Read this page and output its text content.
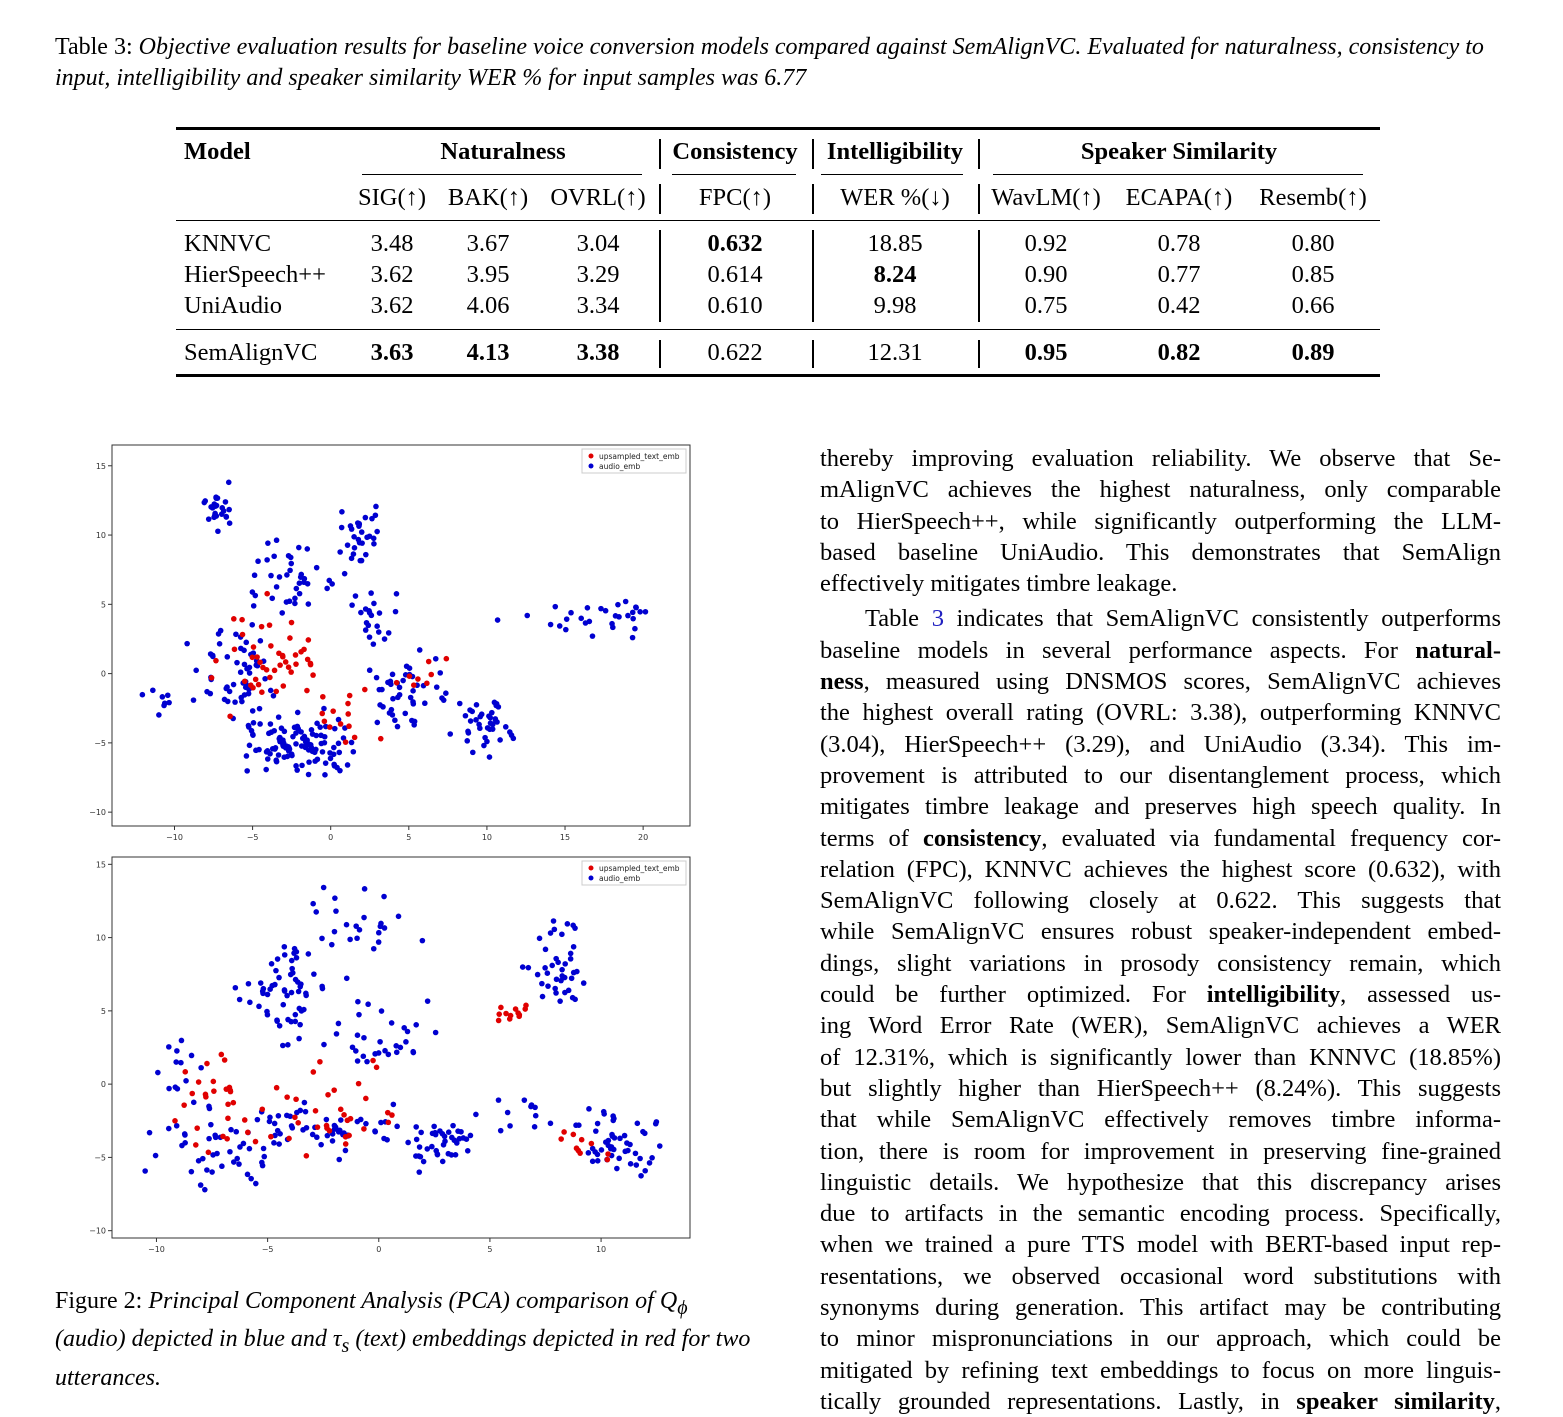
Table 3: Objective evaluation results for baseline voice conversion models compared against SemAlignVC. Evaluated for naturalness, consistency to input, intelligibility and speaker similarity WER % for input samples was 6.77
Model	Naturalness	Consistency Intelligibility	Speaker Similarity
SIG(↑) BAK(↑) OVRL(↑) FPC(↑)	WER %(↓) WavLM(↑) ECAPA(↑) Resemb(↑)
KNNVC	3.48 3.67	3.04	0.632	18.85	0.92	0.78	0.80
HierSpeech++ 3.62 3.95	3.29	0.614	8.24	0.90	0.77	0.85
UniAudio	3.62 4.06	3.34	0.610	9.98	0.75	0.42	0.66
SemAlignVC 3.63 4.13	3.38	0.622	12.31	0.95	0.82	0.89
−10	−5	0	5	10	15	20
15
10
5
0
−5
−10
upsampled_text_emb
audio_emb
−10	−5	0	5	10
15
10
5
0
−5
−10
upsampled_text_emb
audio_emb
Figure 2: Principal Component Analysis (PCA) comparison of $Q_\phi$ (audio) depicted in blue and $\tau_s$ (text) embeddings depicted in red for two utterances.
thereby improving evaluation reliability. We observe that Se-
mAlignVC achieves the highest naturalness, only comparable
to HierSpeech++, while significantly outperforming the LLM-
based baseline UniAudio. This demonstrates that SemAlign
effectively mitigates timbre leakage.
Table 3 indicates that SemAlignVC consistently outperforms
baseline models in several performance aspects. For natural-
ness, measured using DNSMOS scores, SemAlignVC achieves
the highest overall rating (OVRL: 3.38), outperforming KNNVC
(3.04), HierSpeech++ (3.29), and UniAudio (3.34). This im-
provement is attributed to our disentanglement process, which
mitigates timbre leakage and preserves high speech quality. In
terms of consistency, evaluated via fundamental frequency cor-
relation (FPC), KNNVC achieves the highest score (0.632), with
SemAlignVC following closely at 0.622. This suggests that
while SemAlignVC ensures robust speaker-independent embed-
dings, slight variations in prosody consistency remain, which
could be further optimized. For intelligibility, assessed us-
ing Word Error Rate (WER), SemAlignVC achieves a WER
of 12.31%, which is significantly lower than KNNVC (18.85%)
but slightly higher than HierSpeech++ (8.24%). This suggests
that while SemAlignVC effectively removes timbre informa-
tion, there is room for improvement in preserving fine-grained
linguistic details. We hypothesize that this discrepancy arises
due to artifacts in the semantic encoding process. Specifically,
when we trained a pure TTS model with BERT-based input rep-
resentations, we observed occasional word substitutions with
synonyms during generation. This artifact may be contributing
to minor mispronunciations in our approach, which could be
mitigated by refining text embeddings to focus on more linguis-
tically grounded representations. Lastly, in speaker similarity,
